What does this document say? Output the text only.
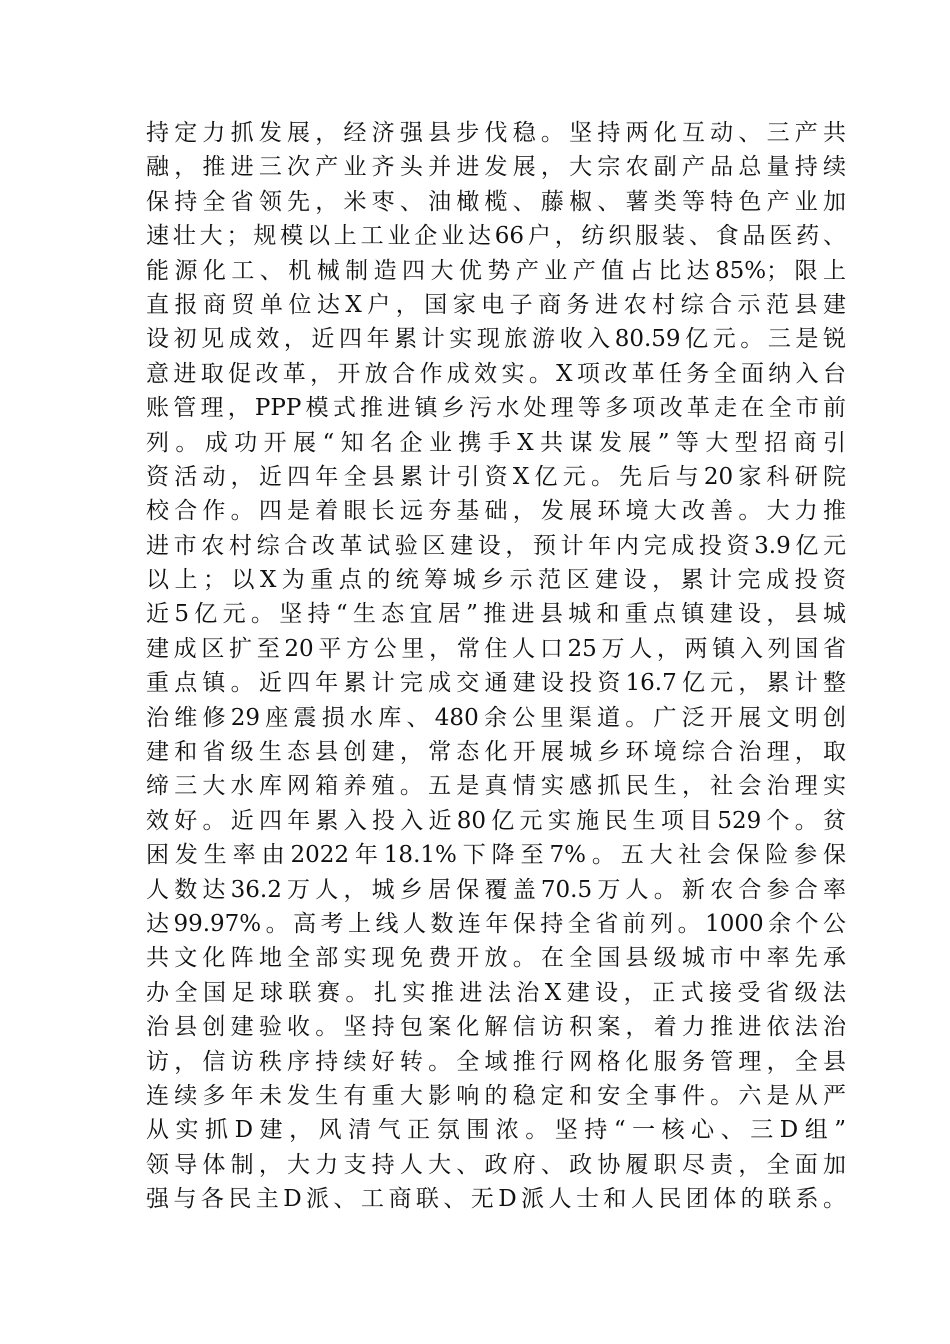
持定力抓发展，经济强县步伐稳。坚持两化互动、三产共
融，推进三次产业齐头并进发展，大宗农副产品总量持续
保持全省领先，米枣、油橄榄、藤椒、薯类等特色产业加
速壮大；规模以上工业企业达66户，纺织服装、食品医药、
能源化工、机械制造四大优势产业产值占比达85%；限上
直报商贸单位达X户，国家电子商务进农村综合示范县建
设初见成效，近四年累计实现旅游收入80.59亿元。三是锐
意进取促改革，开放合作成效实。X项改革任务全面纳入台
账管理，PPP模式推进镇乡污水处理等多项改革走在全市前
列。成功开展“知名企业携手X共谋发展”等大型招商引
资活动，近四年全县累计引资X亿元。先后与20家科研院
校合作。四是着眼长远夯基础，发展环境大改善。大力推
进市农村综合改革试验区建设，预计年内完成投资3.9亿元
以上；以X为重点的统筹城乡示范区建设，累计完成投资
近5亿元。坚持“生态宜居”推进县城和重点镇建设，县城
建成区扩至20平方公里，常住人口25万人，两镇入列国省
重点镇。近四年累计完成交通建设投资16.7亿元，累计整
治维修29座震损水库、480余公里渠道。广泛开展文明创
建和省级生态县创建，常态化开展城乡环境综合治理，取
缔三大水库网箱养殖。五是真情实感抓民生，社会治理实
效好。近四年累入投入近80亿元实施民生项目529个。贫
困发生率由2022年18.1%下降至7%。五大社会保险参保
人数达36.2万人，城乡居保覆盖70.5万人。新农合参合率
达99.97%。高考上线人数连年保持全省前列。1000余个公
共文化阵地全部实现免费开放。在全国县级城市中率先承
办全国足球联赛。扎实推进法治X建设，正式接受省级法
治县创建验收。坚持包案化解信访积案，着力推进依法治
访，信访秩序持续好转。全域推行网格化服务管理，全县
连续多年未发生有重大影响的稳定和安全事件。六是从严
从实抓D建，风清气正氛围浓。坚持“一核心、三D组”
领导体制，大力支持人大、政府、政协履职尽责，全面加
强与各民主D派、工商联、无D派人士和人民团体的联系。
